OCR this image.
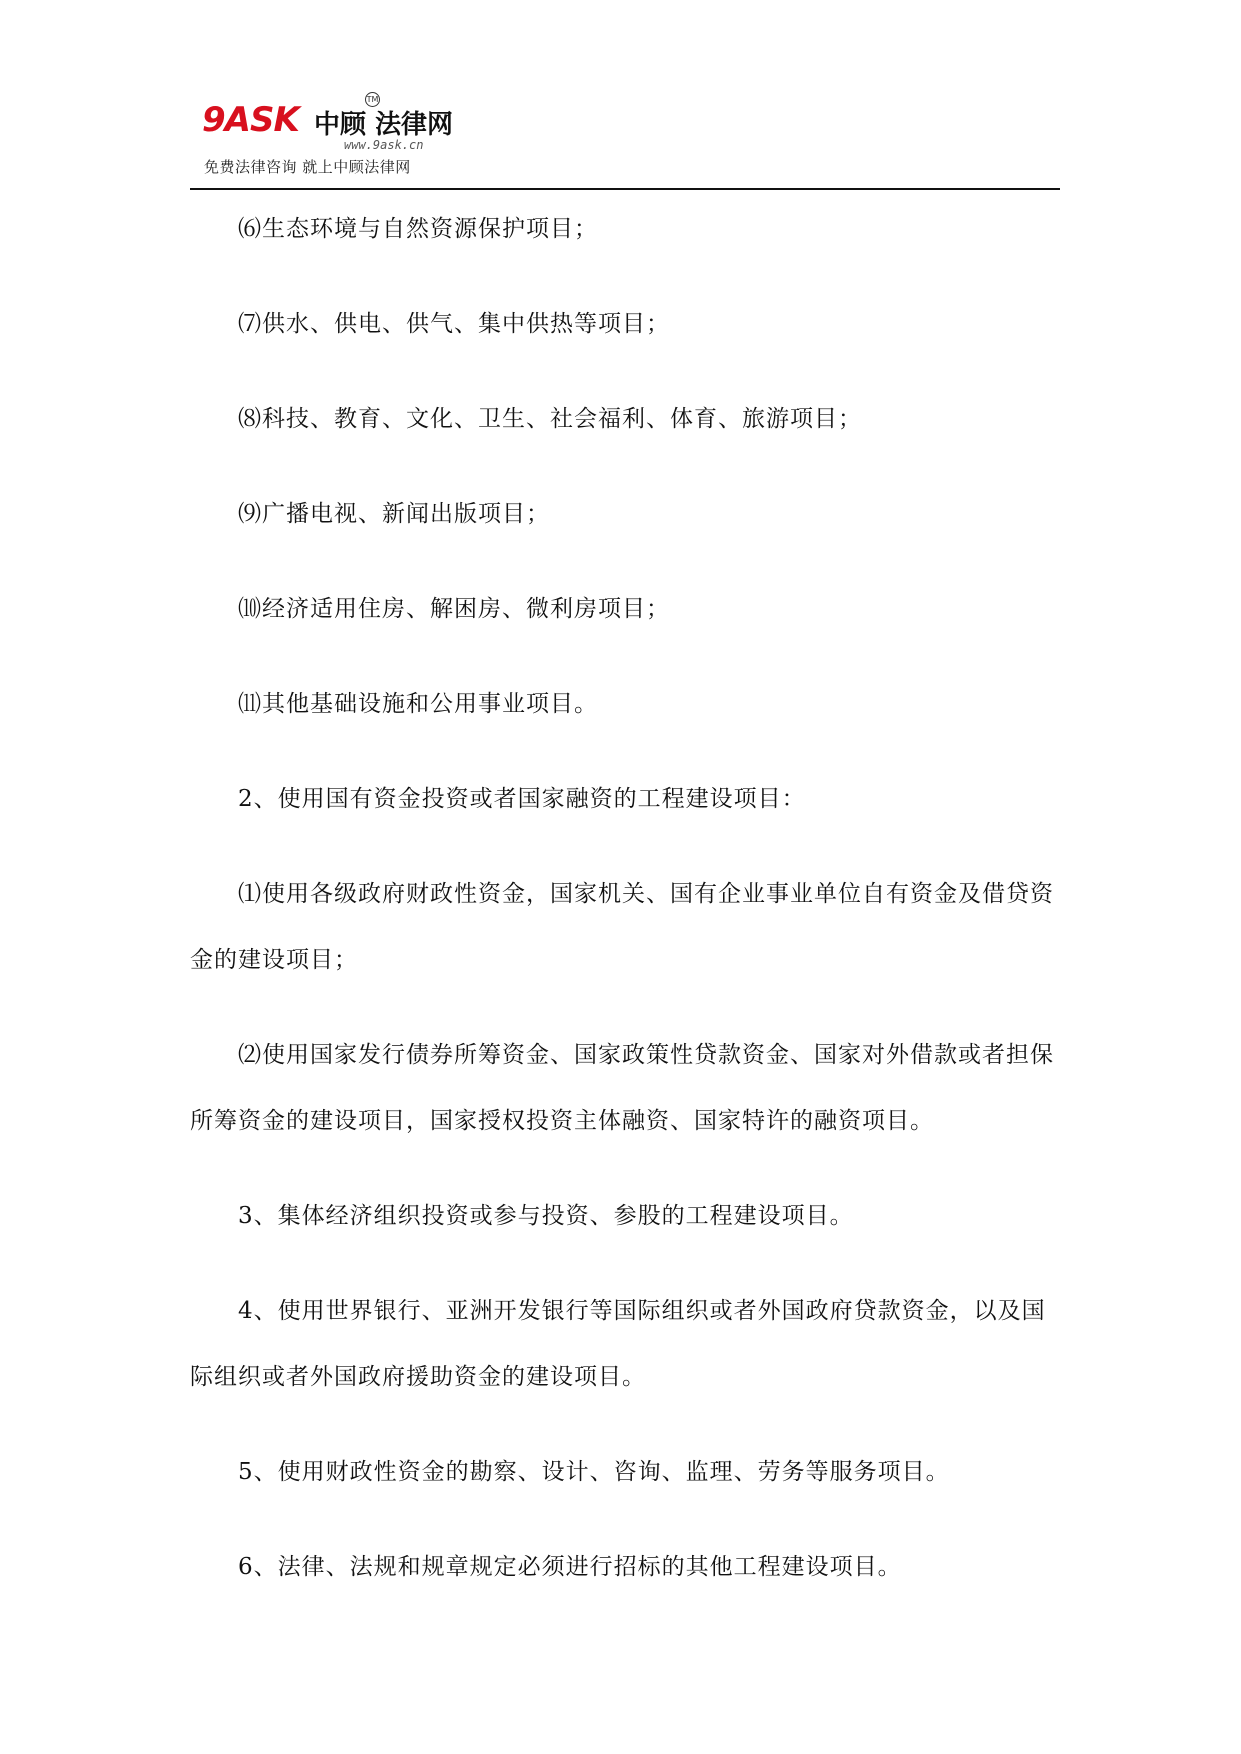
9ASK 中顾 法律网
TM
www.9ask.cn
免费法律咨询 就上中顾法律网

⑹生态环境与自然资源保护项目；

⑺供水、供电、供气、集中供热等项目；

⑻科技、教育、文化、卫生、社会福利、体育、旅游项目；

⑼广播电视、新闻出版项目；

⑽经济适用住房、解困房、微利房项目；

⑾其他基础设施和公用事业项目。

2、使用国有资金投资或者国家融资的工程建设项目：

⑴使用各级政府财政性资金，国家机关、国有企业事业单位自有资金及借贷资金的建设项目；

⑵使用国家发行债券所筹资金、国家政策性贷款资金、国家对外借款或者担保所筹资金的建设项目，国家授权投资主体融资、国家特许的融资项目。

3、集体经济组织投资或参与投资、参股的工程建设项目。

4、使用世界银行、亚洲开发银行等国际组织或者外国政府贷款资金，以及国际组织或者外国政府援助资金的建设项目。

5、使用财政性资金的勘察、设计、咨询、监理、劳务等服务项目。

6、法律、法规和规章规定必须进行招标的其他工程建设项目。
